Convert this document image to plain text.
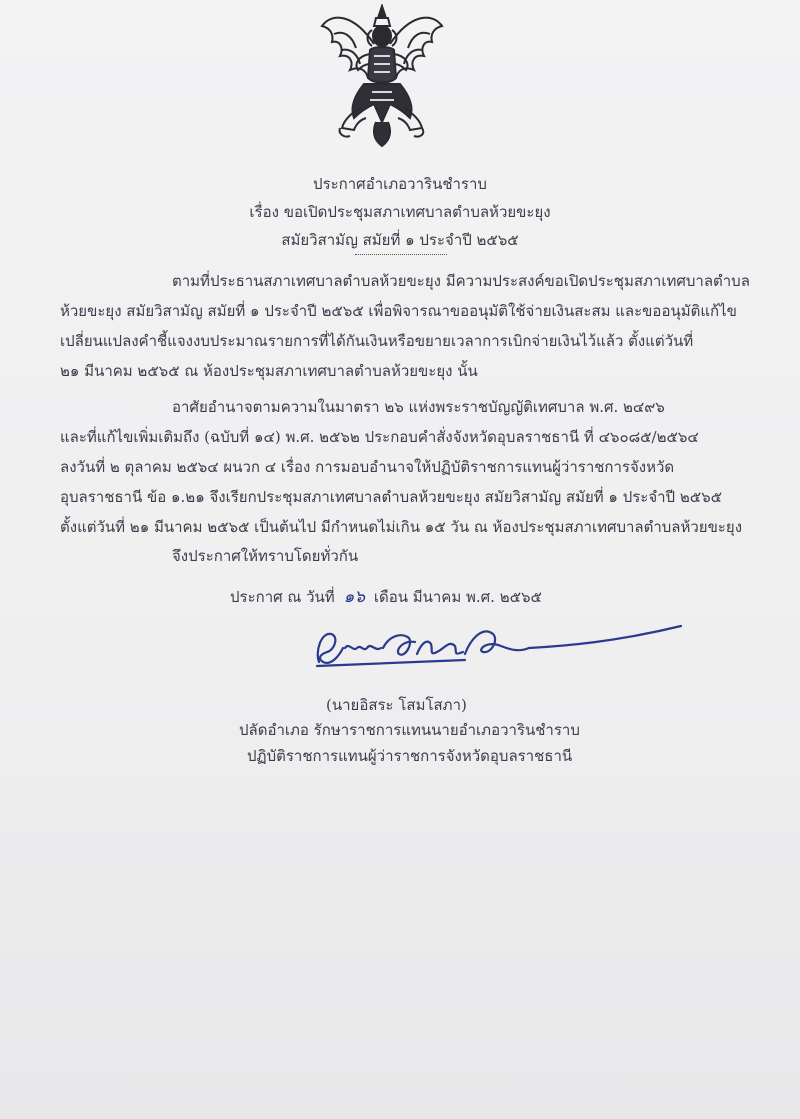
ประกาศอำเภอวารินชำราบ
เรื่อง ขอเปิดประชุมสภาเทศบาลตำบลห้วยขะยุง
สมัยวิสามัญ สมัยที่ ๑ ประจำปี ๒๕๖๕
ตามที่ประธานสภาเทศบาลตำบลห้วยขะยุง มีความประสงค์ขอเปิดประชุมสภาเทศบาลตำบล
ห้วยขะยุง สมัยวิสามัญ สมัยที่ ๑ ประจำปี ๒๕๖๕ เพื่อพิจารณาขออนุมัติใช้จ่ายเงินสะสม และขออนุมัติแก้ไข
เปลี่ยนแปลงคำชี้แจงงบประมาณรายการที่ได้กันเงินหรือขยายเวลาการเบิกจ่ายเงินไว้แล้ว ตั้งแต่วันที่
๒๑ มีนาคม ๒๕๖๕ ณ ห้องประชุมสภาเทศบาลตำบลห้วยขะยุง นั้น
อาศัยอำนาจตามความในมาตรา ๒๖ แห่งพระราชบัญญัติเทศบาล พ.ศ. ๒๔๙๖
และที่แก้ไขเพิ่มเติมถึง (ฉบับที่ ๑๔) พ.ศ. ๒๕๖๒ ประกอบคำสั่งจังหวัดอุบลราชธานี ที่ ๔๖๐๘๕/๒๕๖๔
ลงวันที่ ๒ ตุลาคม ๒๕๖๔ ผนวก ๔ เรื่อง การมอบอำนาจให้ปฏิบัติราชการแทนผู้ว่าราชการจังหวัด
อุบลราชธานี ข้อ ๑.๒๑ จึงเรียกประชุมสภาเทศบาลตำบลห้วยขะยุง สมัยวิสามัญ สมัยที่ ๑ ประจำปี ๒๕๖๕
ตั้งแต่วันที่ ๒๑ มีนาคม ๒๕๖๕ เป็นต้นไป มีกำหนดไม่เกิน ๑๕ วัน ณ ห้องประชุมสภาเทศบาลตำบลห้วยขะยุง
จึงประกาศให้ทราบโดยทั่วกัน
ประกาศ ณ วันที่ ๑๖ เดือน มีนาคม พ.ศ. ๒๕๖๕
(นายอิสระ โสมโสภา)
ปลัดอำเภอ รักษาราชการแทนนายอำเภอวารินชำราบ
ปฏิบัติราชการแทนผู้ว่าราชการจังหวัดอุบลราชธานี
